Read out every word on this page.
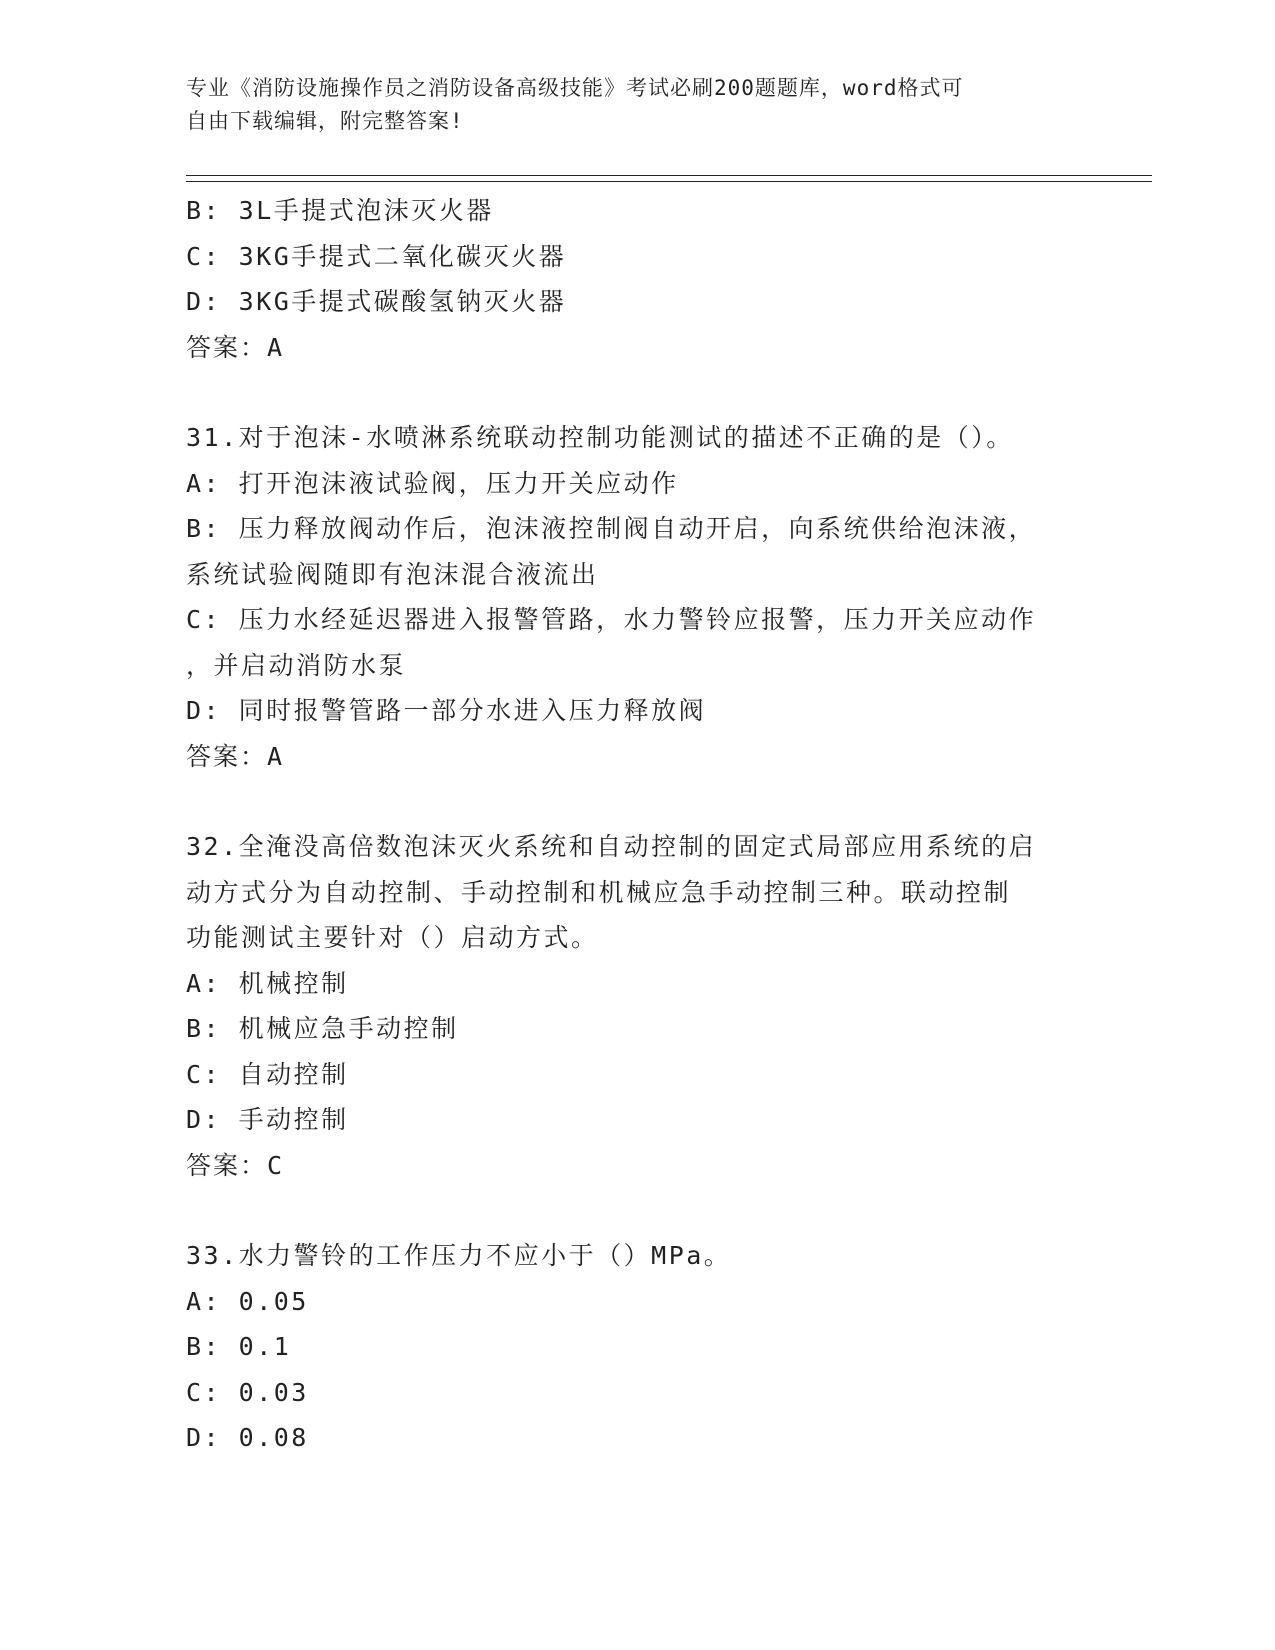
专业《消防设施操作员之消防设备高级技能》考试必刷200题题库，word格式可
自由下载编辑，附完整答案!
B: 3L手提式泡沫灭火器
C: 3KG手提式二氧化碳灭火器
D: 3KG手提式碳酸氢钠灭火器
答案：A
31.对于泡沫-水喷淋系统联动控制功能测试的描述不正确的是（）。
A: 打开泡沫液试验阀，压力开关应动作
B: 压力释放阀动作后，泡沫液控制阀自动开启，向系统供给泡沫液，
系统试验阀随即有泡沫混合液流出
C: 压力水经延迟器进入报警管路，水力警铃应报警，压力开关应动作
，并启动消防水泵
D: 同时报警管路一部分水进入压力释放阀
答案：A
32.全淹没高倍数泡沫灭火系统和自动控制的固定式局部应用系统的启
动方式分为自动控制、手动控制和机械应急手动控制三种。联动控制
功能测试主要针对（）启动方式。
A: 机械控制
B: 机械应急手动控制
C: 自动控制
D: 手动控制
答案：C
33.水力警铃的工作压力不应小于（）MPa。
A: 0.05
B: 0.1
C: 0.03
D: 0.08
